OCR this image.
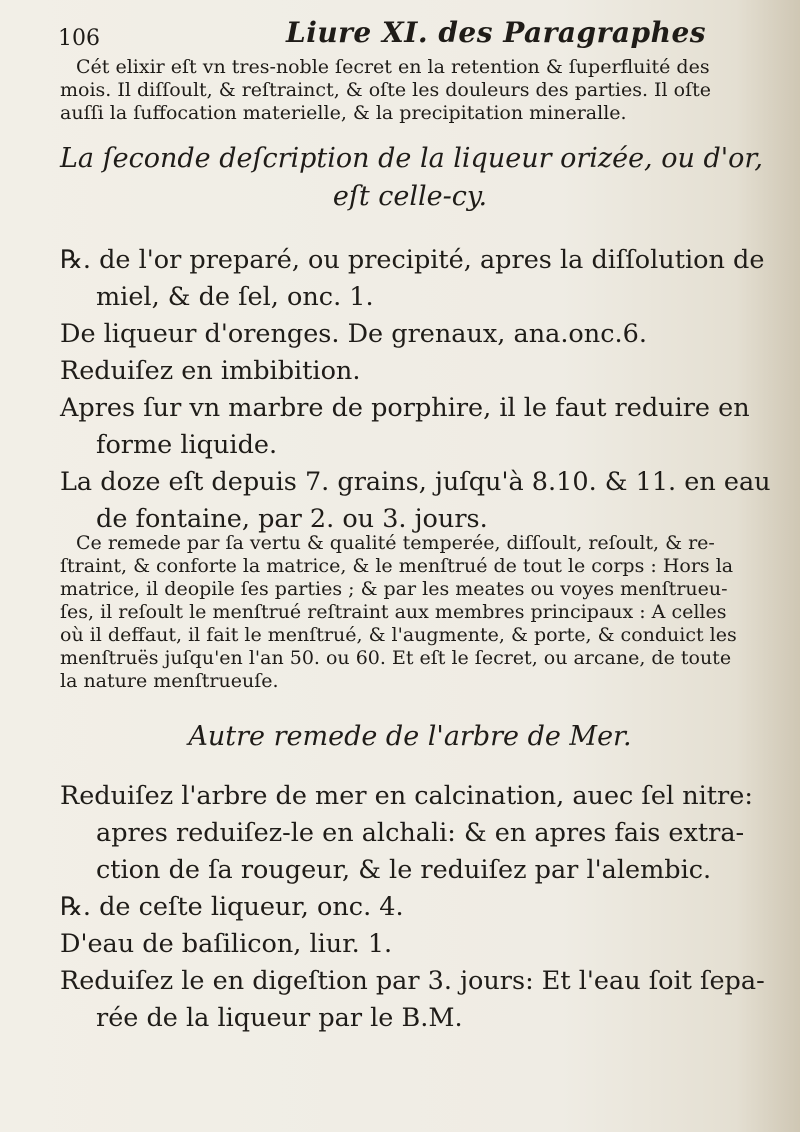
106	Liure XI. des Paragraphes
Cét elixir eſt vn tres-noble ſecret en la retention & ſuperfluité des
mois. Il diſſoult, & reſtrainct, & oſte les douleurs des parties. Il oſte
auſſi la ſuffocation materielle, & la precipitation mineralle.
La ſeconde deſcription de la liqueur orizée, ou d'or,
eſt celle-cy.
℞. de l'or preparé, ou precipité, apres la diſſolution de
miel, & de ſel, onc. 1.
De liqueur d'orenges. De grenaux, ana.onc.6.
Reduiſez en imbibition.
Apres ſur vn marbre de porphire, il le faut reduire en
forme liquide.
La doze eſt depuis 7. grains, juſqu'à 8.10. & 11. en eau
de fontaine, par 2. ou 3. jours.
Ce remede par ſa vertu & qualité temperée, diſſoult, reſoult, & re-
ſtraint, & conforte la matrice, & le menſtrué de tout le corps : Hors la
matrice, il deopile ſes parties ; & par les meates ou voyes menſtrueu-
ſes, il reſoult le menſtrué reſtraint aux membres principaux : A celles
où il deffaut, il fait le menſtrué, & l'augmente, & porte, & conduict les
menſtruës juſqu'en l'an 50. ou 60. Et eſt le ſecret, ou arcane, de toute
la nature menſtrueuſe.
Autre remede de l'arbre de Mer.
Reduiſez l'arbre de mer en calcination, auec ſel nitre:
apres reduiſez-le en alchali: & en apres fais extra-
ction de ſa rougeur, & le reduiſez par l'alembic.
℞. de ceſte liqueur, onc. 4.
D'eau de baſilicon, liur. 1.
Reduiſez le en digeſtion par 3. jours: Et l'eau ſoit ſepa-
rée de la liqueur par le B.M.
